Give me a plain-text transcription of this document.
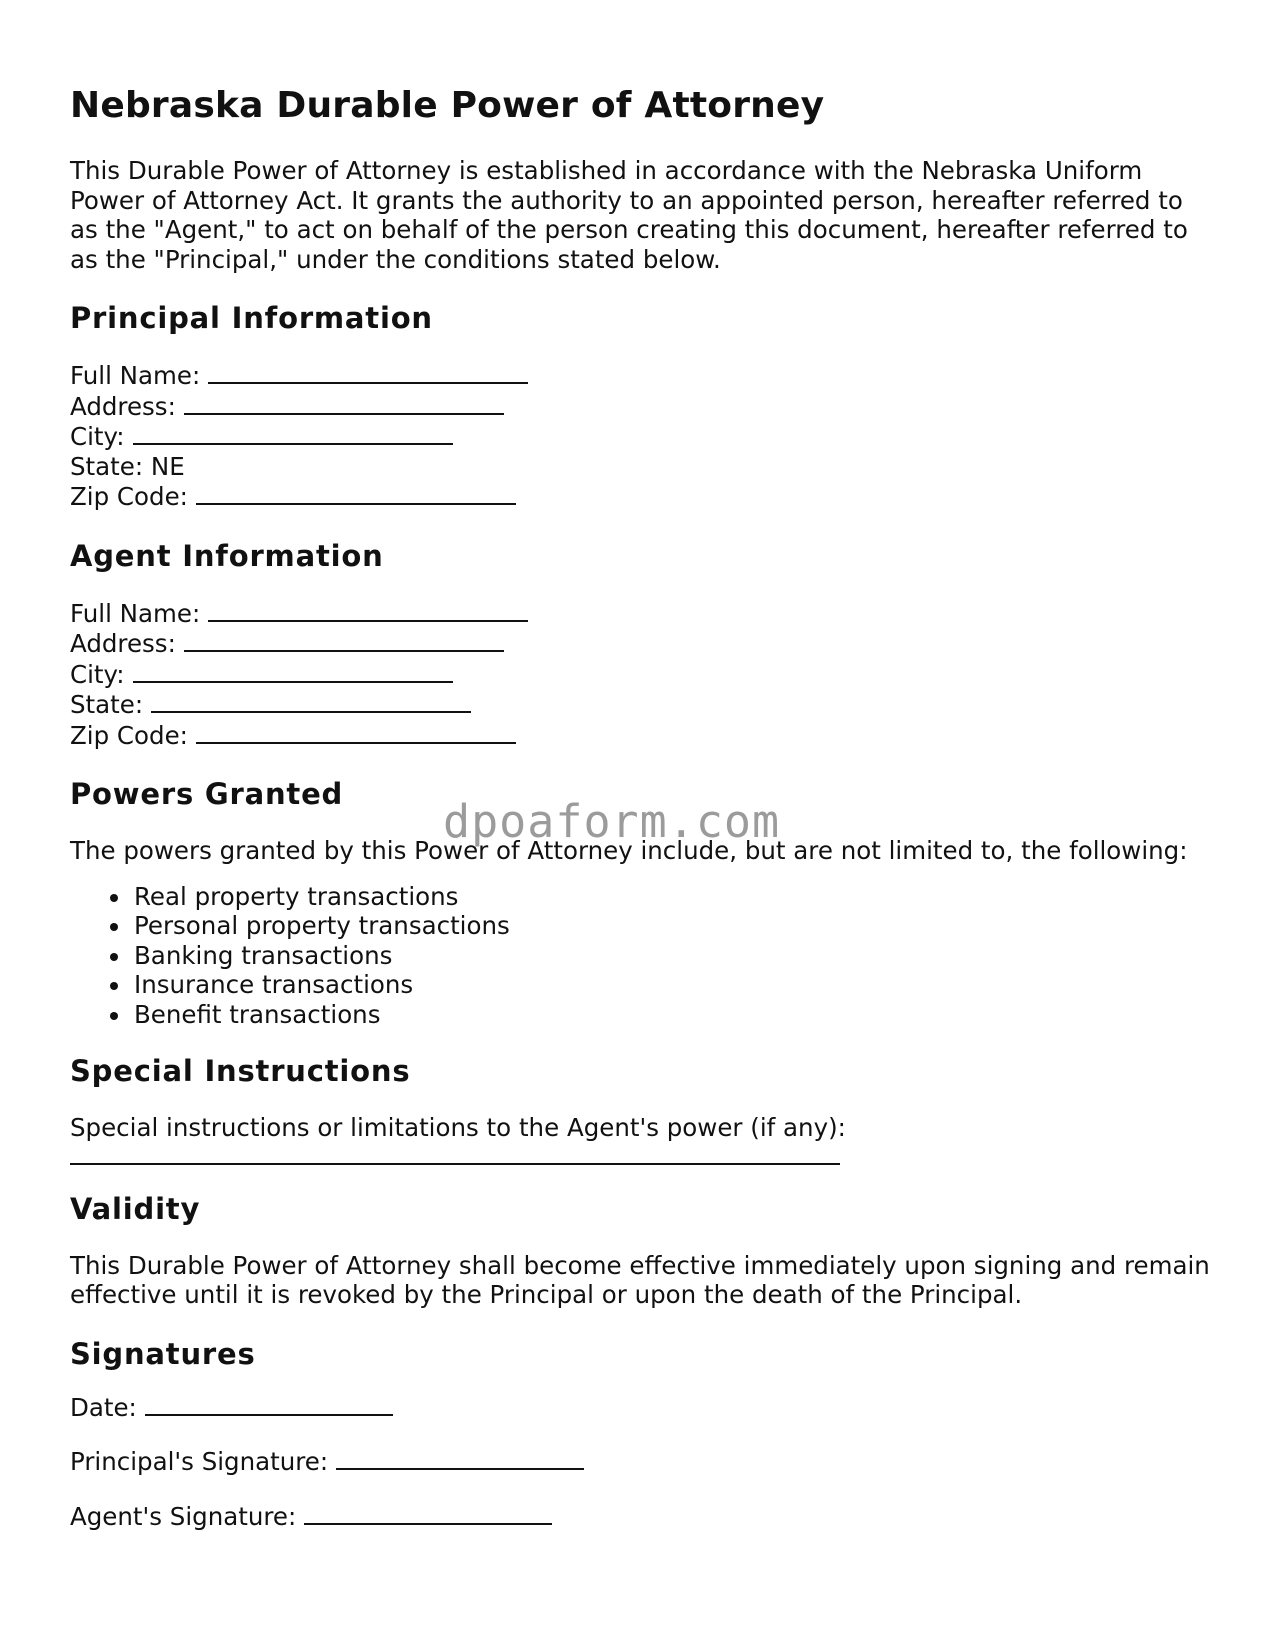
Nebraska Durable Power of Attorney

This Durable Power of Attorney is established in accordance with the Nebraska Uniform Power of Attorney Act. It grants the authority to an appointed person, hereafter referred to as the "Agent," to act on behalf of the person creating this document, hereafter referred to as the "Principal," under the conditions stated below.

Principal Information
Full Name:
Address:
City:
State: NE
Zip Code:
Agent Information
Full Name:
Address:
City:
State:
Zip Code:
Powers Granted

The powers granted by this Power of Attorney include, but are not limited to, the following:

• Real property transactions
• Personal property transactions
• Banking transactions
• Insurance transactions
• Benefit transactions
Special Instructions

Special instructions or limitations to the Agent's power (if any):

Validity

This Durable Power of Attorney shall become effective immediately upon signing and remain effective until it is revoked by the Principal or upon the death of the Principal.

Signatures
Date:
Principal's Signature:
Agent's Signature:
dpoaform.com
